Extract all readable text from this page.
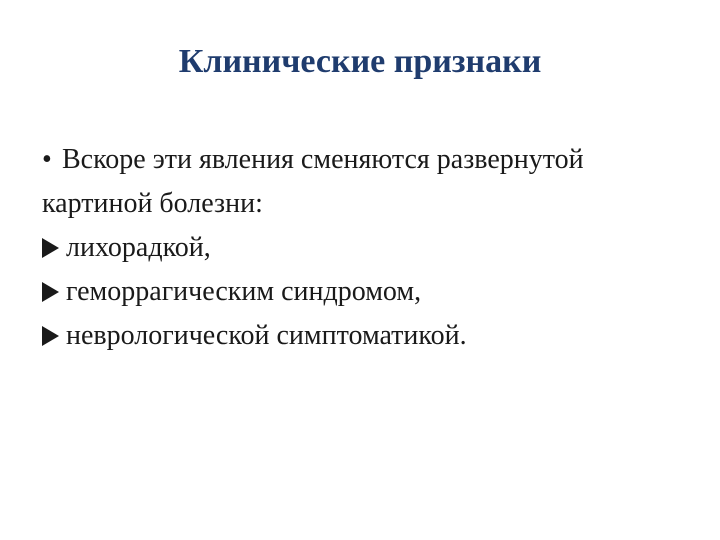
Клинические признаки
• Вскоре эти явления сменяются развернутой
картиной болезни:
лихорадкой,
геморрагическим синдромом,
неврологической симптоматикой.
